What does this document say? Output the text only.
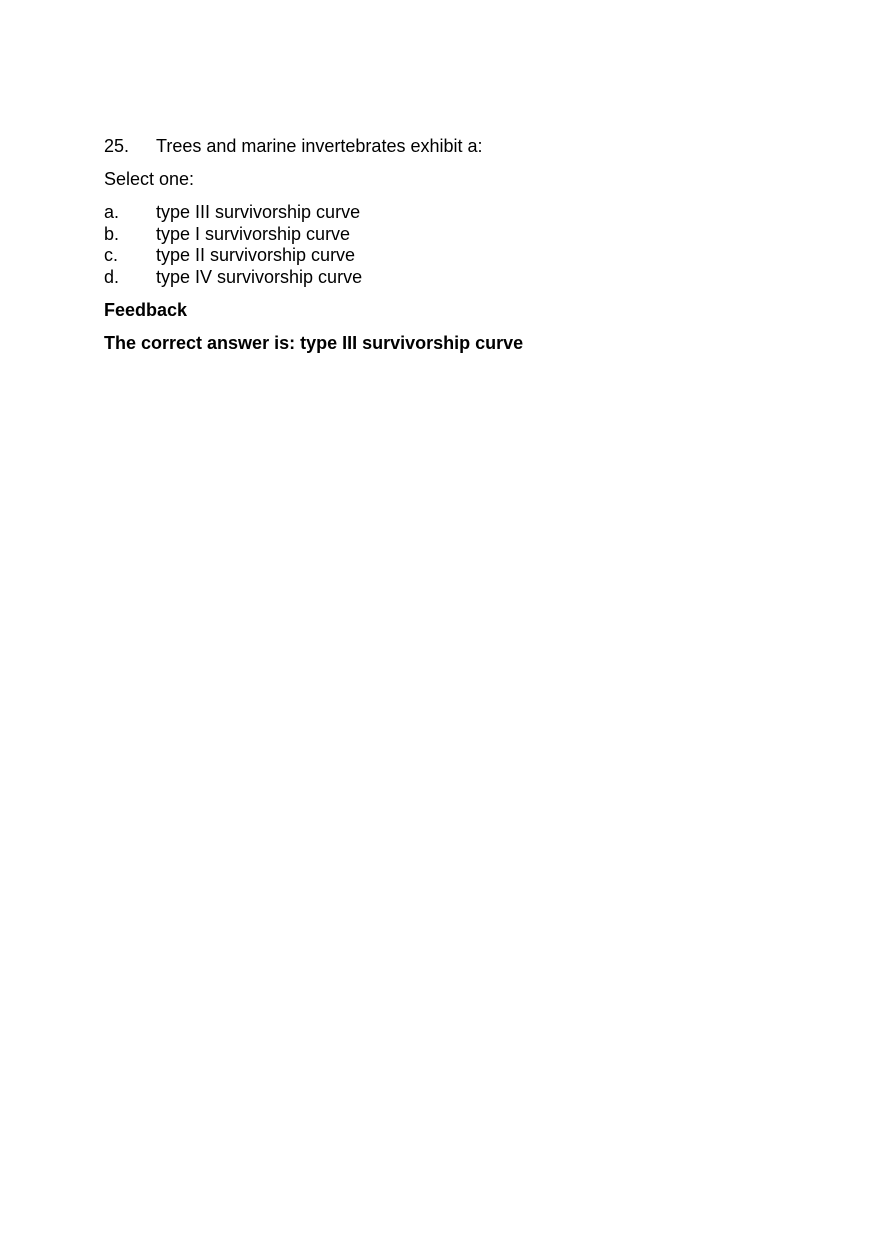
25.	Trees and marine invertebrates exhibit a:
Select one:
a.	type III survivorship curve
b.	type I survivorship curve
c.	type II survivorship curve
d.	type IV survivorship curve
Feedback
The correct answer is: type III survivorship curve
